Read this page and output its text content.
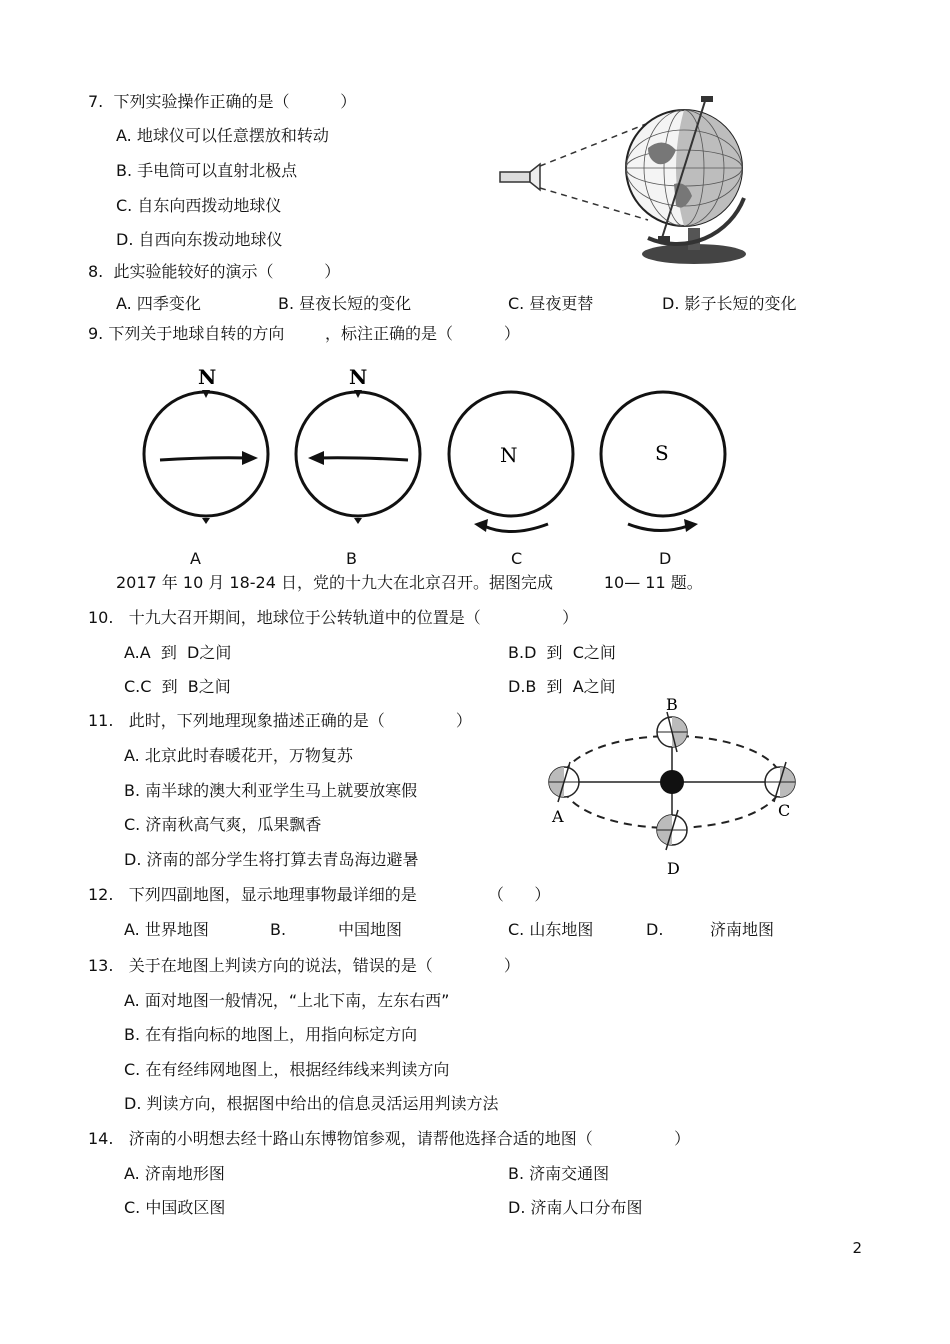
7.  下列实验操作正确的是（          ）
A. 地球仪可以任意摆放和转动
B. 手电筒可以直射北极点
C. 自东向西拨动地球仪
D. 自西向东拨动地球仪
8.  此实验能较好的演示（          ）
A. 四季变化	B. 昼夜长短的变化	C. 昼夜更替	D. 影子长短的变化
9. 下列关于地球自转的方向        ，标注正确的是（          ）
N	N
N	S
A	B	C	D
2017 年 10 月 18-24 日，党的十九大在北京召开。据图完成          10— 11 题。
10.   十九大召开期间，地球位于公转轨道中的位置是（                ）
A.A  到  D之间	B.D  到  C之间
C.C  到  B之间	D.B  到  A之间
11.   此时，下列地理现象描述正确的是（              ）
A. 北京此时春暖花开，万物复苏
B. 南半球的澳大利亚学生马上就要放寒假
C. 济南秋高气爽，瓜果飘香
D. 济南的部分学生将打算去青岛海边避暑
A
B
C
D
12.   下列四副地图，显示地理事物最详细的是              （      ）
A. 世界地图	B.	中国地图	C. 山东地图	D.	济南地图
13.   关于在地图上判读方向的说法，错误的是（              ）
A. 面对地图一般情况，“上北下南，左东右西”
B. 在有指向标的地图上，用指向标定方向
C. 在有经纬网地图上，根据经纬线来判读方向
D. 判读方向，根据图中给出的信息灵活运用判读方法
14.   济南的小明想去经十路山东博物馆参观，请帮他选择合适的地图（                ）
A. 济南地形图	B. 济南交通图
C. 中国政区图	D. 济南人口分布图
2
